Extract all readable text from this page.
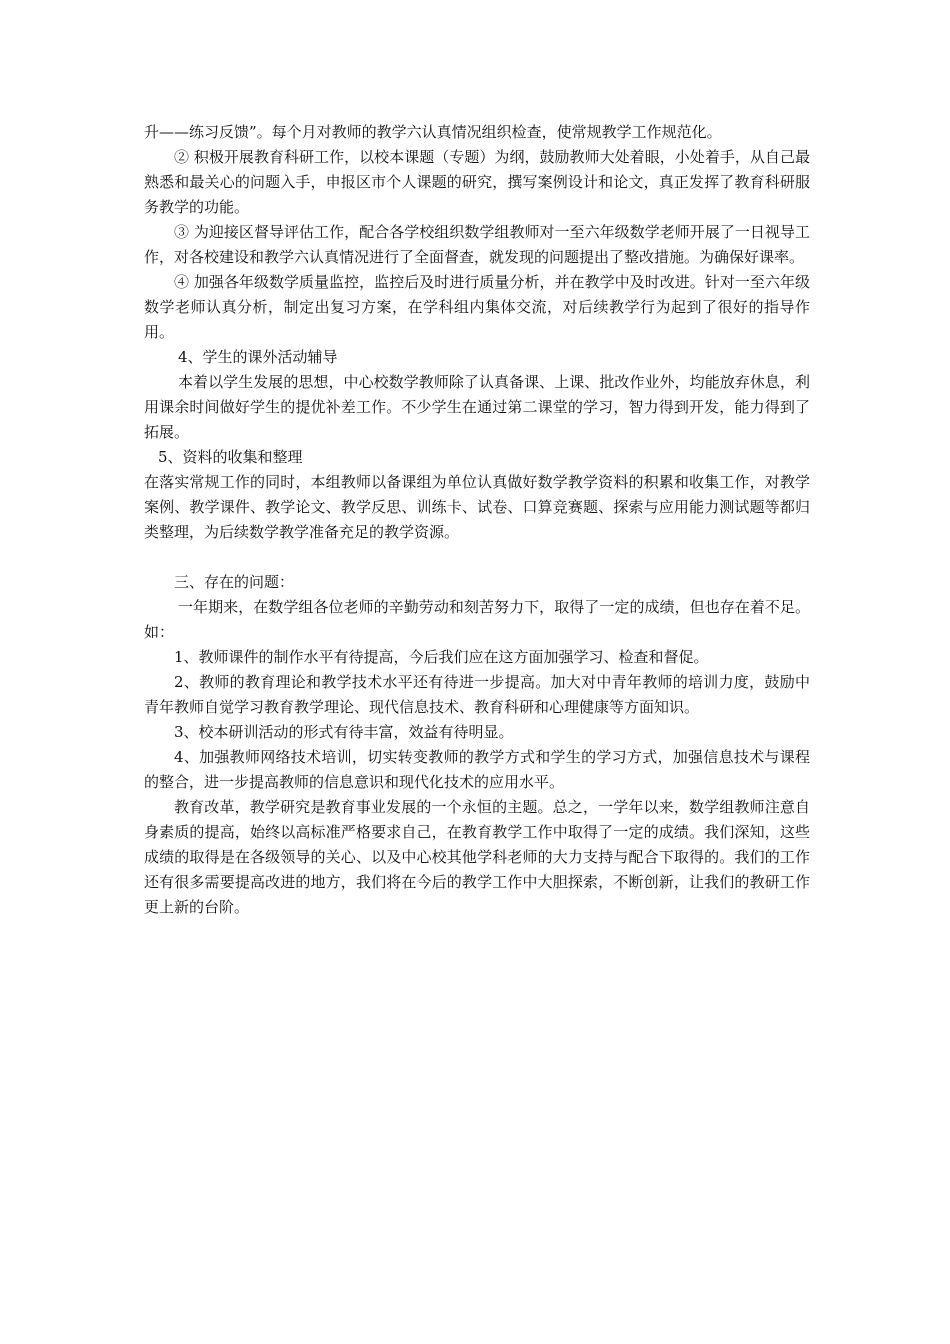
升——练习反馈”。每个月对教师的教学六认真情况组织检查，使常规教学工作规范化。

② 积极开展教育科研工作，以校本课题（专题）为纲，鼓励教师大处着眼，小处着手，从自己最熟悉和最关心的问题入手，申报区市个人课题的研究，撰写案例设计和论文，真正发挥了教育科研服务教学的功能。

③ 为迎接区督导评估工作，配合各学校组织数学组教师对一至六年级数学老师开展了一日视导工作，对各校建设和教学六认真情况进行了全面督查，就发现的问题提出了整改措施。为确保好课率。

④ 加强各年级数学质量监控，监控后及时进行质量分析，并在教学中及时改进。针对一至六年级数学老师认真分析，制定出复习方案，在学科组内集体交流，对后续教学行为起到了很好的指导作用。

4、学生的课外活动辅导

本着以学生发展的思想，中心校数学教师除了认真备课、上课、批改作业外，均能放弃休息，利用课余时间做好学生的提优补差工作。不少学生在通过第二课堂的学习，智力得到开发，能力得到了拓展。

5、资料的收集和整理

在落实常规工作的同时，本组教师以备课组为单位认真做好数学教学资料的积累和收集工作，对教学案例、教学课件、教学论文、教学反思、训练卡、试卷、口算竞赛题、探索与应用能力测试题等都归类整理，为后续数学教学准备充足的教学资源。

三、存在的问题：

一年期来，在数学组各位老师的辛勤劳动和刻苦努力下，取得了一定的成绩，但也存在着不足。如：

1、教师课件的制作水平有待提高，今后我们应在这方面加强学习、检查和督促。

2、教师的教育理论和教学技术水平还有待进一步提高。加大对中青年教师的培训力度，鼓励中青年教师自觉学习教育教学理论、现代信息技术、教育科研和心理健康等方面知识。

3、校本研训活动的形式有待丰富，效益有待明显。

4、加强教师网络技术培训，切实转变教师的教学方式和学生的学习方式，加强信息技术与课程的整合，进一步提高教师的信息意识和现代化技术的应用水平。

教育改革，教学研究是教育事业发展的一个永恒的主题。总之，一学年以来，数学组教师注意自身素质的提高，始终以高标准严格要求自己，在教育教学工作中取得了一定的成绩。我们深知，这些成绩的取得是在各级领导的关心、以及中心校其他学科老师的大力支持与配合下取得的。我们的工作还有很多需要提高改进的地方，我们将在今后的教学工作中大胆探索，不断创新，让我们的教研工作更上新的台阶。
